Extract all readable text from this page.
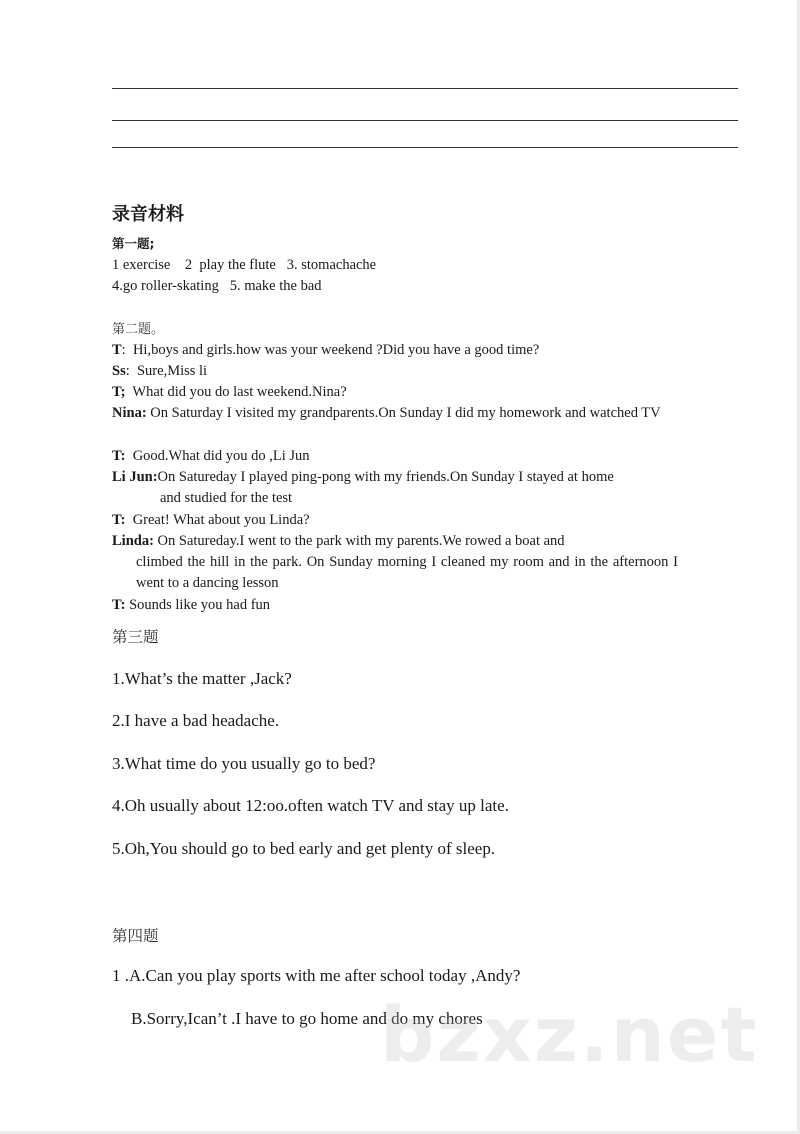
录音材料
第一题;
1 exercise    2  play the flute   3. stomachache
4.go roller-skating   5. make the bad
第二题。
T:  Hi,boys and girls.how was your weekend ?Did you have a good time?
Ss:  Sure,Miss li
T;  What did you do last weekend.Nina?
Nina: On Saturday I visited my grandparents.On Sunday I did my homework and watched TV
T:  Good.What did you do ,Li Jun
Li Jun:On Satureday I played ping-pong with my friends.On Sunday I stayed at home
and studied for the test
T:  Great! What about you Linda?
Linda: On Satureday.I went to the park with my parents.We rowed a boat and
climbed the hill in the park. On Sunday morning I cleaned my room and in the afternoon I went to a dancing lesson
T: Sounds like you had fun
第三题
1.What’s the matter ,Jack?
2.I have a bad headache.
3.What time do you usually go to bed?
4.Oh usually about 12:oo.often watch TV and stay up late.
5.Oh,You should go to bed early and get plenty of sleep.
第四题
1 .A.Can you play sports with me after school today ,Andy?
B.Sorry,Ican’t .I have to go home and do my chores
bzxz.net
